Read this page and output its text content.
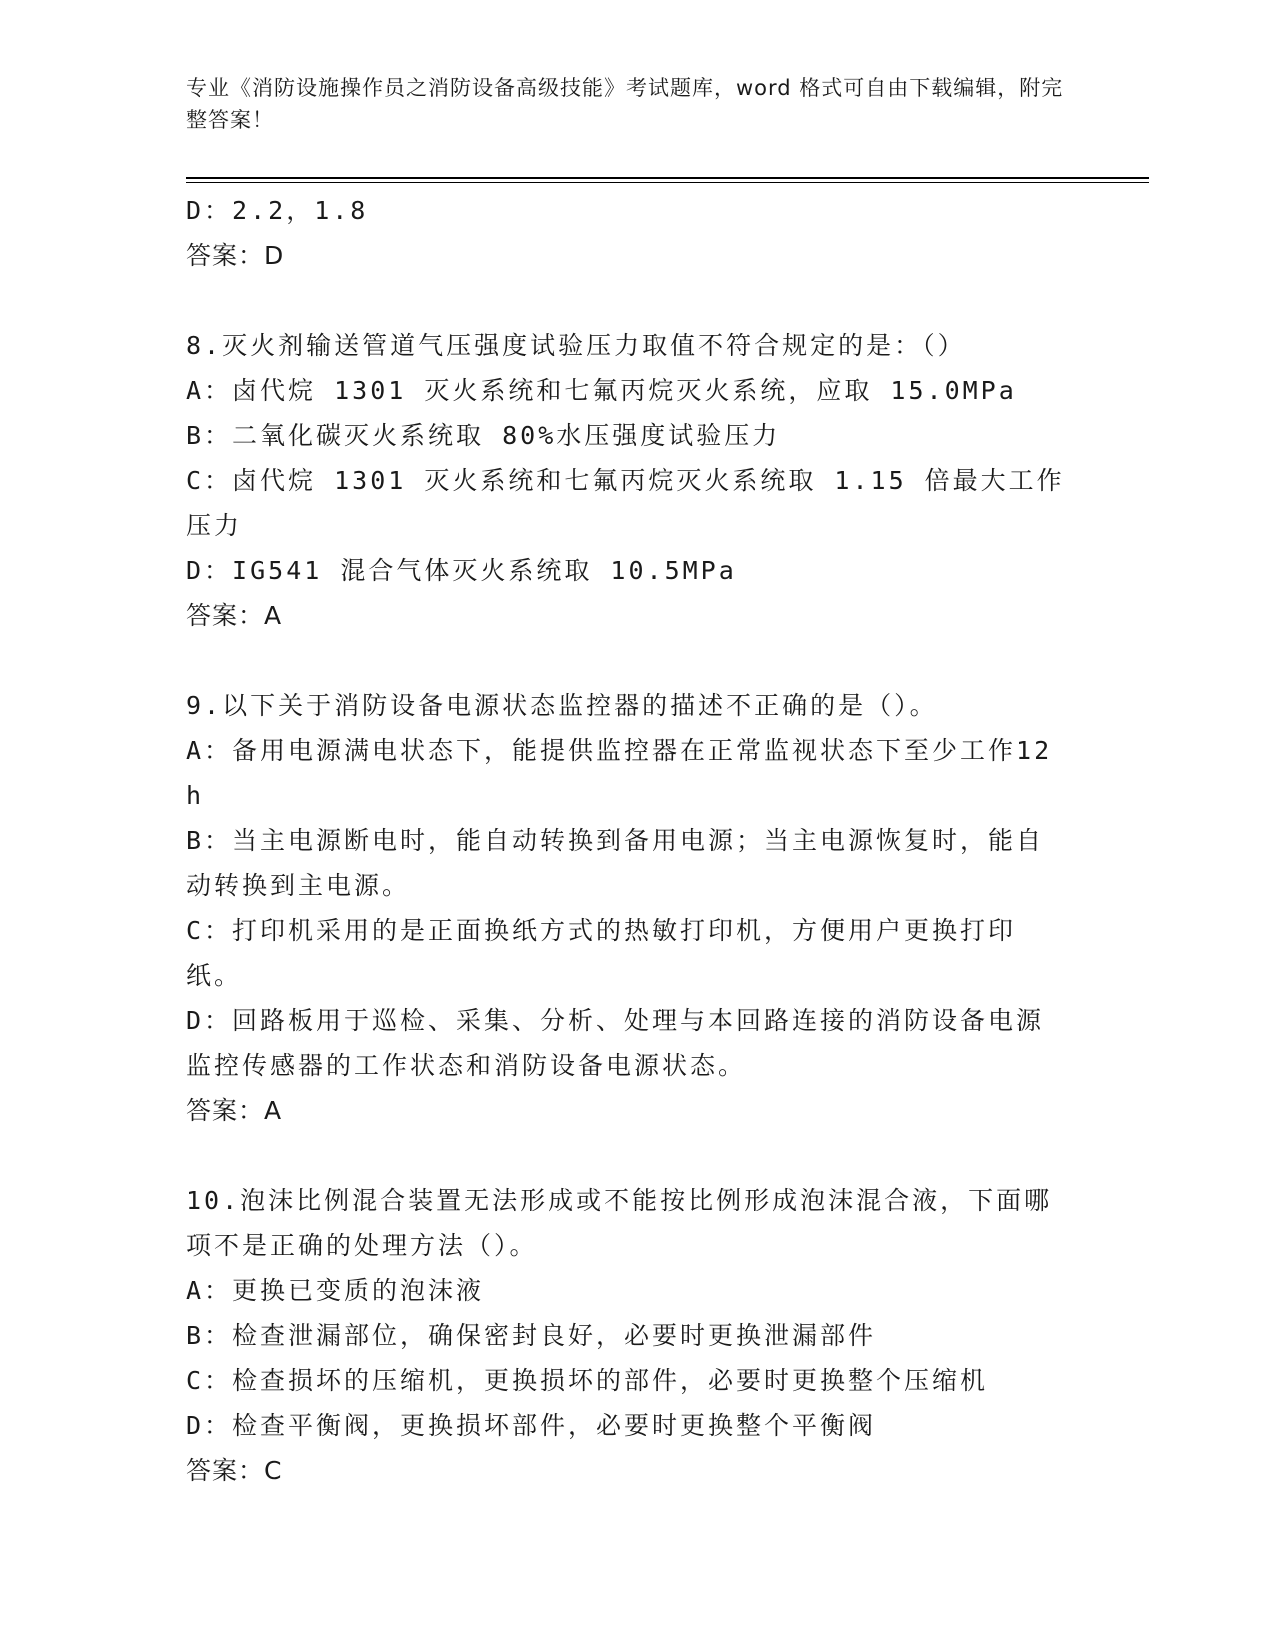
专业《消防设施操作员之消防设备高级技能》考试题库，word 格式可自由下载编辑，附完整答案！

D：2.2，1.8

答案：D

8.灭火剂输送管道气压强度试验压力取值不符合规定的是：（）

A：卤代烷 1301 灭火系统和七氟丙烷灭火系统，应取 15.0MPa

B：二氧化碳灭火系统取 80%水压强度试验压力

C：卤代烷 1301 灭火系统和七氟丙烷灭火系统取 1.15 倍最大工作压力

D：IG541 混合气体灭火系统取 10.5MPa

答案：A

9.以下关于消防设备电源状态监控器的描述不正确的是（）。

A：备用电源满电状态下，能提供监控器在正常监视状态下至少工作12h

B：当主电源断电时，能自动转换到备用电源；当主电源恢复时，能自动转换到主电源。

C：打印机采用的是正面换纸方式的热敏打印机，方便用户更换打印纸。

D：回路板用于巡检、采集、分析、处理与本回路连接的消防设备电源监控传感器的工作状态和消防设备电源状态。

答案：A

10.泡沫比例混合装置无法形成或不能按比例形成泡沫混合液，下面哪项不是正确的处理方法（）。

A：更换已变质的泡沫液

B：检查泄漏部位，确保密封良好，必要时更换泄漏部件

C：检查损坏的压缩机，更换损坏的部件，必要时更换整个压缩机

D：检查平衡阀，更换损坏部件，必要时更换整个平衡阀

答案：C
